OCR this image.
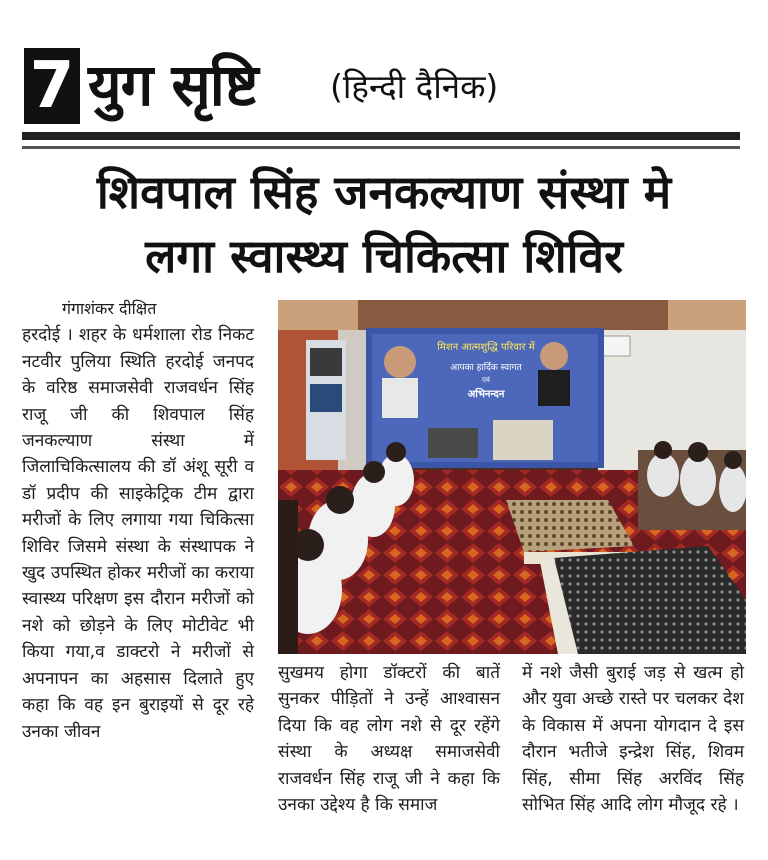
7 युग सृष्टि (हिन्दी दैनिक)
शिवपाल सिंह जनकल्याण संस्था मे
लगा स्वास्थ्य चिकित्सा शिविर
गंगाशंकर दीक्षित
हरदोई । शहर के धर्मशाला रोड निकट नटवीर पुलिया स्थिति हरदोई जनपद के वरिष्ठ समाजसेवी राजवर्धन सिंह राजू जी की शिवपाल सिंह जनकल्याण संस्था में जिलाचिकित्सालय की डॉ अंशू सूरी व डॉ प्रदीप की साइकेट्रिक टीम द्वारा मरीजों के लिए लगाया गया चिकित्सा शिविर जिसमे संस्था के संस्थापक ने खुद उपस्थित होकर मरीजों का कराया स्वास्थ्य परिक्षण इस दौरान मरीजों को नशे को छोड़ने के लिए मोटीवेट भी किया गया,व डाक्टरो ने मरीजों से अपनापन का अहसास दिलाते हुए कहा कि वह इन बुराइयों से दूर रहे उनका जीवन
मिशन आत्मशुद्धि परिवार में
आपका हार्दिक स्वागत
एवं
अभिनन्दन
सुखमय होगा डॉक्टरों की बातें सुनकर पीड़ितों ने उन्हें आश्वासन दिया कि वह लोग नशे से दूर रहेंगे संस्था के अध्यक्ष समाजसेवी राजवर्धन सिंह राजू जी ने कहा कि उनका उद्देश्य है कि समाज
में नशे जैसी बुराई जड़ से खत्म हो और युवा अच्छे रास्ते पर चलकर देश के विकास में अपना योगदान दे इस दौरान भतीजे इन्द्रेश सिंह, शिवम सिंह, सीमा सिंह अरविंद सिंह सोभित सिंह आदि लोग मौजूद रहे ।
